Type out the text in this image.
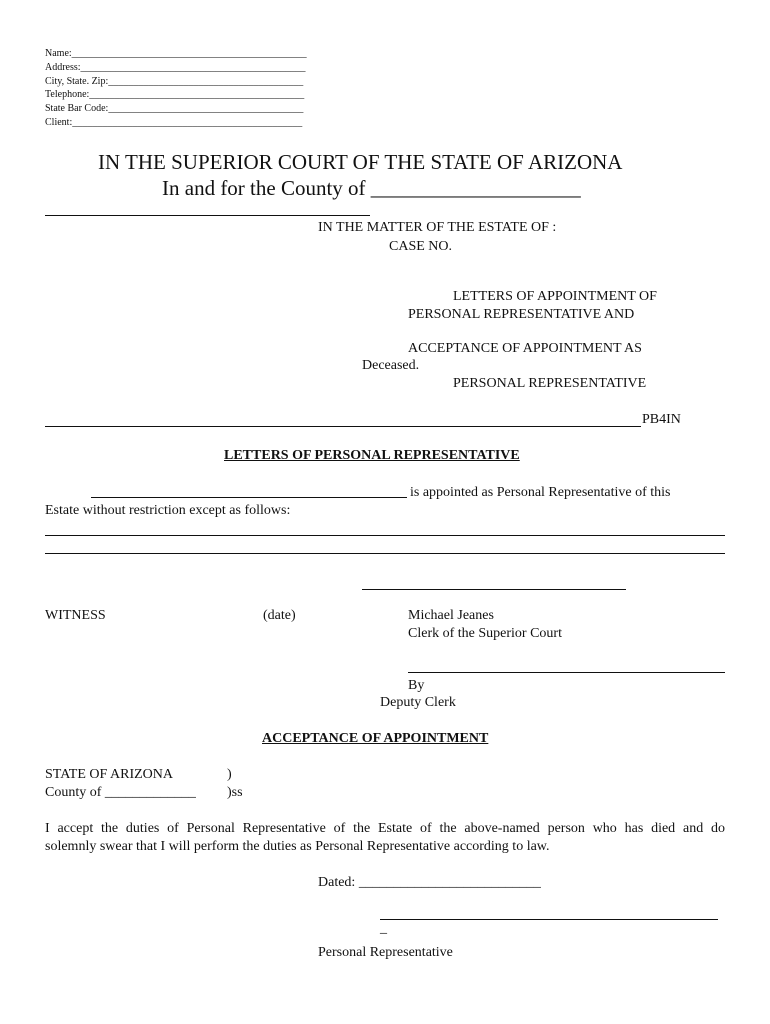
Name:_______________________________________________
Address:_____________________________________________
City, State. Zip:_______________________________________
Telephone:___________________________________________
State Bar Code:_______________________________________
Client:______________________________________________
IN THE SUPERIOR COURT OF THE STATE OF ARIZONA
In and for the County of ____________________
IN THE MATTER OF THE ESTATE OF :
CASE NO.
LETTERS OF APPOINTMENT OF
PERSONAL REPRESENTATIVE AND
ACCEPTANCE OF APPOINTMENT AS
Deceased.
PERSONAL REPRESENTATIVE
PB4IN
LETTERS OF PERSONAL REPRESENTATIVE
is appointed as Personal Representative of this
Estate without restriction except as follows:
WITNESS	(date)	Michael Jeanes
Clerk of the Superior Court
By
Deputy Clerk
ACCEPTANCE OF APPOINTMENT
STATE OF ARIZONA	)
County of _____________ )ss
I accept the duties of Personal Representative of the Estate of the above-named person who has died and do
solemnly swear that I will perform the duties as Personal Representative according to law.
Dated: __________________________
_
Personal Representative
